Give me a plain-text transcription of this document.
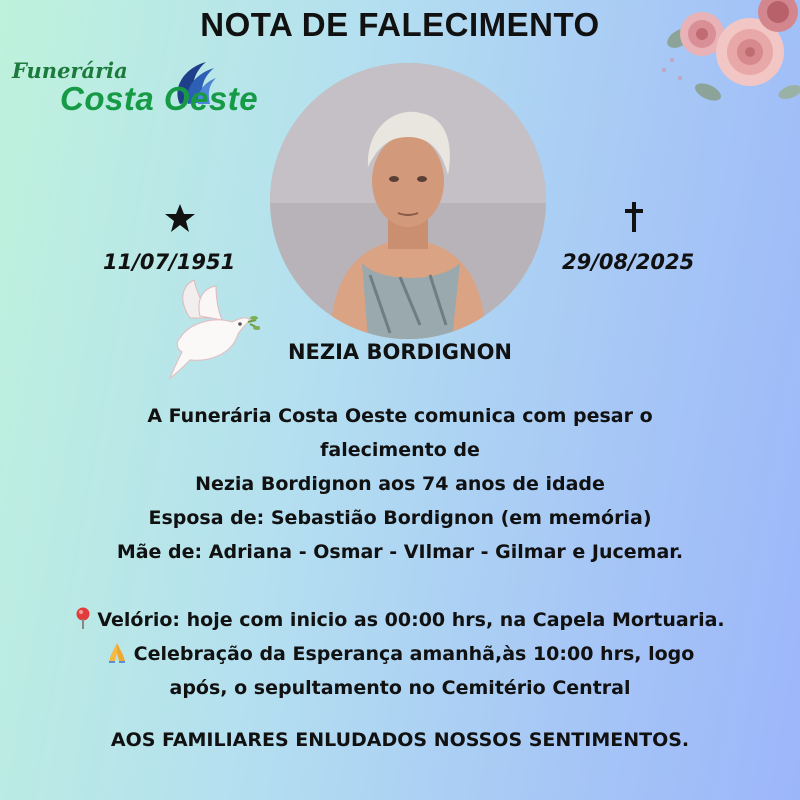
NOTA DE FALECIMENTO
Funerária
Costa Oeste
11/07/1951	29/08/2025
NEZIA BORDIGNON
A Funerária Costa Oeste comunica com pesar o
falecimento de
Nezia Bordignon aos 74 anos de idade
Esposa de: Sebastião Bordignon (em memória)
Mãe de: Adriana - Osmar - VIlmar - Gilmar e Jucemar.
Velório: hoje com inicio as 00:00 hrs, na Capela Mortuaria.
Celebração da Esperança amanhã,às 10:00 hrs, logo
após, o sepultamento no Cemitério Central
AOS FAMILIARES ENLUDADOS NOSSOS SENTIMENTOS.
